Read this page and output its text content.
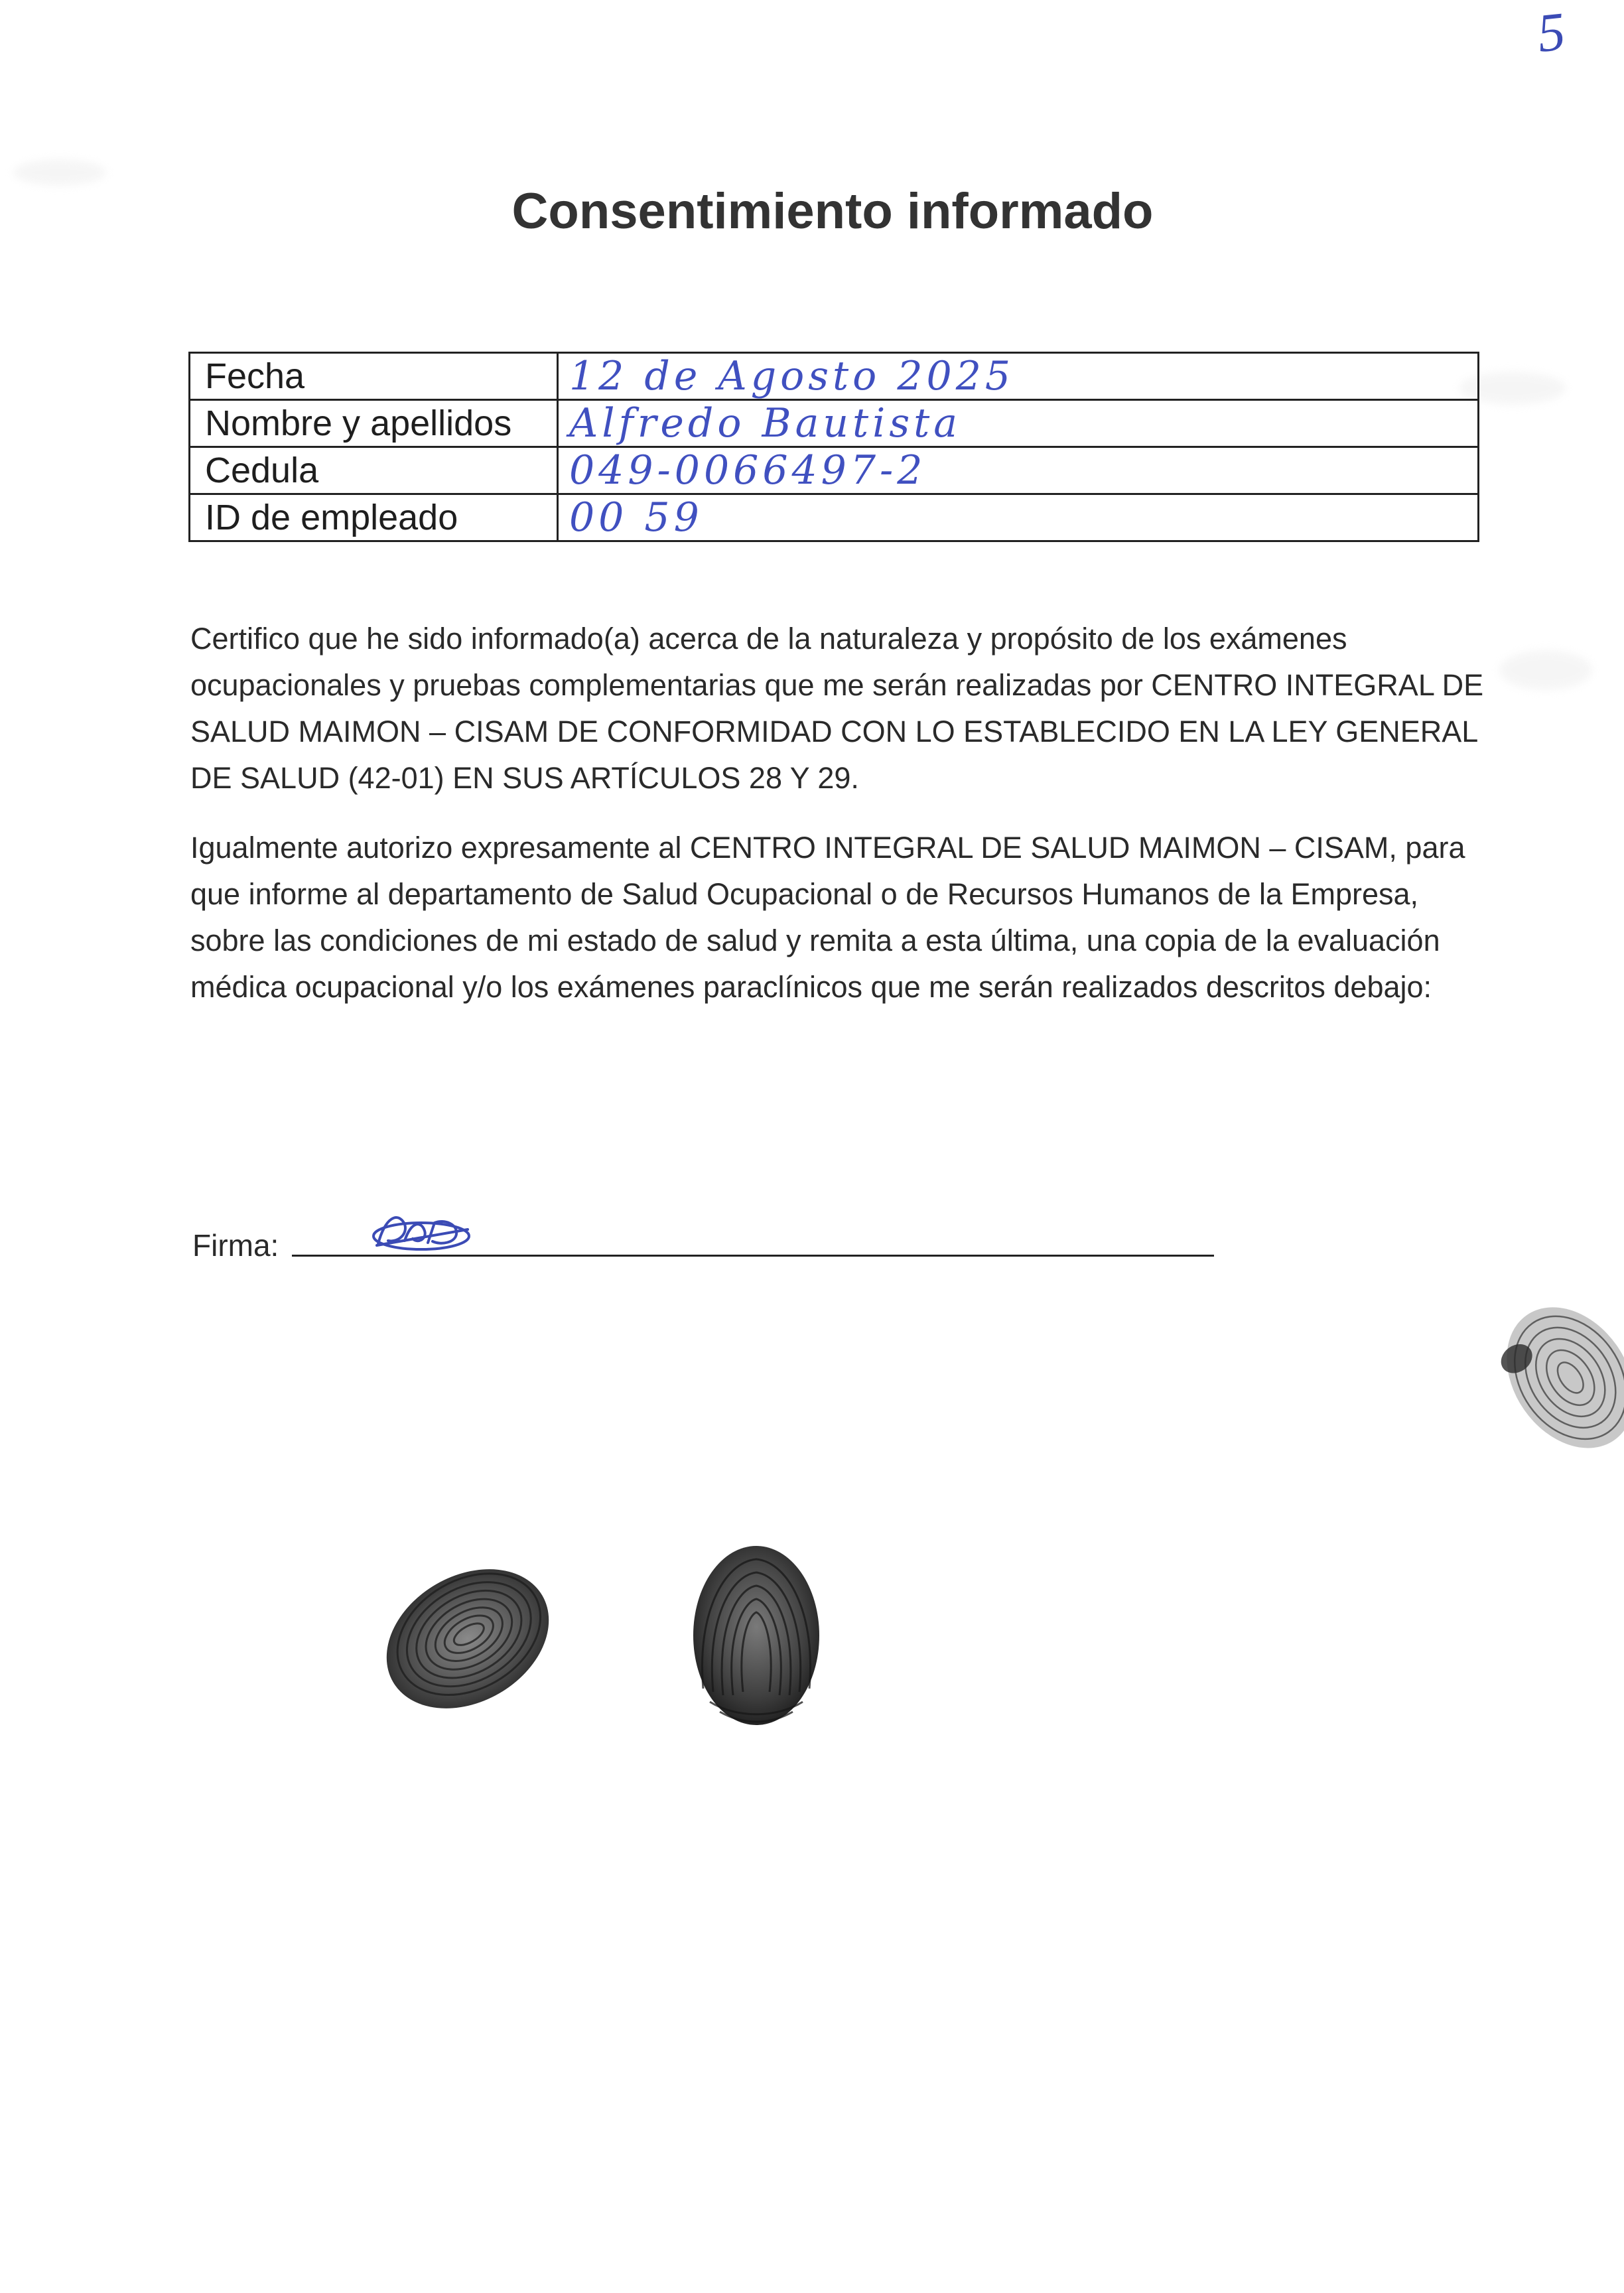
5
Consentimiento informado
Fecha	12 de Agosto 2025
Nombre y apellidos	Alfredo Bautista
Cedula	049-0066497-2
ID de empleado	00 59

Certifico que he sido informado(a) acerca de la naturaleza y propósito de los exámenes ocupacionales y pruebas complementarias que me serán realizadas por CENTRO INTEGRAL DE SALUD MAIMON – CISAM DE CONFORMIDAD CON LO ESTABLECIDO EN LA LEY GENERAL DE SALUD (42-01) EN SUS ARTÍCULOS 28 Y 29.

Igualmente autorizo expresamente al CENTRO INTEGRAL DE SALUD MAIMON – CISAM, para que informe al departamento de Salud Ocupacional o de Recursos Humanos de la Empresa, sobre las condiciones de mi estado de salud y remita a esta última, una copia de la evaluación médica ocupacional y/o los exámenes paraclínicos que me serán realizados descritos debajo:

Firma:
